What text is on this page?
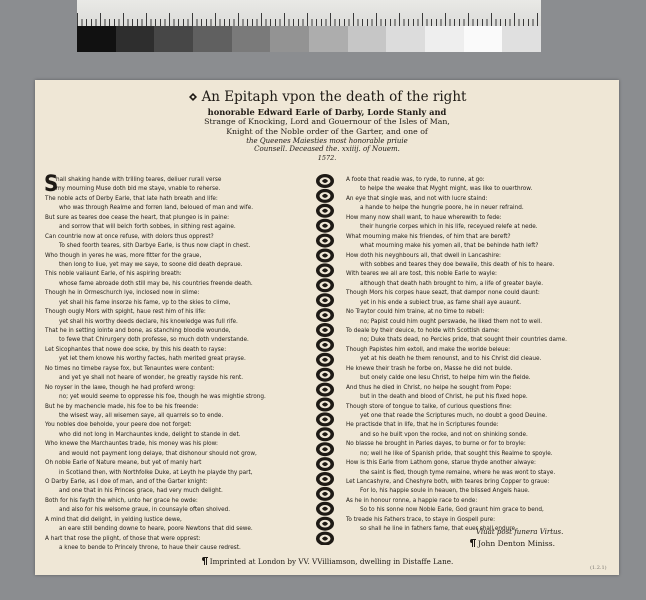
An Epitaph vpon the death of the right
honorable Edward Earle of Darby, Lorde Stanly and
Strange of Knocking, Lord and Gouernour of the Isles of Man,
Knight of the Noble order of the Garter, and one of
the Queenes Maiesties most honorable priuie
Counsell. Deceased the. xxiiij. of Nouem.
1572.
S
hall shaking hande with trilling teares, deliuer rurall verse
my mourning Muse doth bid me staye, vnable to reherse.
The noble acts of Derby Earle, that late hath breath and life:
who was through Realme and forren land, beloued of man and wife.
But sure as teares doe cease the heart, that plungeo is in paine:
and sorrow that will belch forth sobbes, in sithing rest againe.
Can countrie now at once refuse, with dolors thus opprest?
To shed foorth teares, sith Darbye Earle, is thus now clapt in chest.
Who though in yeres he was, more fitter for the graue,
then long to liue, yet may we saye, to soone did death depraue.
This noble valiaunt Earle, of his aspiring breath:
whose fame abroade doth still may be, his countries freende death.
Though he in Ormeschurch lye, inclosed now in slime:
yet shall his fame insorze his fame, vp to the skies to clime,
Though ougly Mors with spight, haue rest him of his life:
yet shall his worthy deeds declare, his knowledge was full rife.
That he in setting iointe and bone, as stanching bloodie wounde,
to fewe that Chirurgery doth professe, so much doth vnderstande.
Let Sicophantes that nowe doe scke, by this his death to rayse:
yet let them knowe his worthy factes, hath merited great prayse.
No times no timebe rayse fox, but Tenauntes were content:
and yet ye shall not heare of wonder, he greatly raysde his rent.
No royser in the lawe, though he had proferd wrong:
no; yet would seeme to oppresse his foe, though he was mightie strong.
But he by machencle made, his foe to be his freende:
the wisest way, all wisemen saye, all quarrels so to ende.
You nobles doe beholde, your peere doe not forget:
who did not long in Marchauntes knde, delight to stande in det.
Who knewe the Marchauntes trade, his money was his plow:
and would not payment long delaye, that dishonour should not grow,
Oh noble Earle of Nature meane, but yet of manly hart
in Scotland then, with Northfolke Duke, at Leyth he playde thy part,
O Darby Earle, as I doe of man, and of the Garter knight:
and one that in his Princes grace, had very much delight.
Both for his fayth the which, unto her grace he owde:
and also for his welsome graue, in counsayle often sholved.
A mind that did delight, in yelding Iustice dewe,
an eare still bending downe to heare, poore Newtons that did sewe.
A hart that rose the plight, of those that were opprest:
a knee to bende to Princely throne, to haue their cause redrest.
A foote that readie was, to ryde, to runne, at go:
to helpe the weake that Myght might, was like to ouerthrow.
An eye that single was, and not with lucre staind:
a hande to helpe the hungrie poore, he in neuer refraind.
How many now shall want, to haue wherewith to fede:
their hungrie corpes which in his life, receyued relefe at nede.
What mourning make his friendes, of him that are bereft?
what mourning make his yomen all, that be behinde hath left?
How doth his neyghbours all, that dwell in Lancashire:
with sobbes and teares they doe bewaile, this death of his to heare.
With teares we all are tost, this noble Earle to wayle:
although that death hath brought to him, a life of greater bayle.
Though Mors his corpes haue seazt, that dampor none could daunt:
yet in his ende a subiect true, as fame shall aye auaunt.
No Traytor could him traine, at no time to rebell:
no; Papist could him ought perswade, he liked them not to well.
To deale by their deuice, to holde with Scottish dame:
no; Duke thats dead, no Percies pride, that sought their countries dame.
Though Papistes him extoll, and make the worlde beleue:
yet at his death he them renounst, and to his Christ did cleaue.
He knewe their trash he forbe on, Masse he did not bulde.
but onely calde one Iesu Christ, to helpe him win the fielde.
And thus he died in Christ, no helpe he sought from Pope:
but in the death and blood of Christ, he put his fixed hope.
Though store of tongue to talke, of curious questions fine:
yet one that reade the Scriptures much, no doubt a good Deuine.
He practisde that in life, that he in Scriptures founde:
and so he built vpon the rocke, and not on shinking sonde.
No blasse he brought in Paries dayes, to burne or for to broyle:
no; well he like of Spanish pride, that sought this Realme to spoyle.
How is this Earle from Lathom gone, starue thyde another alwaye:
the saint is fled, though tyme remaine, where he was wont to staye.
Let Lancashyre, and Cheshyre both, with teares bring Copper to graue:
For lo, his happie soule in heauen, the blissed Angels haue.
As he in honour ronne, a happie race to ende:
So to his sonne now Noble Earle, God graunt him grace to bend,
To treade his Fathers trace, to staye in Gospell pure:
so shall he line in fathers fame, that euer shall endure.
Viuat post funera Virtus.
John Denton Miniss.
Imprinted at London by VV. VVilliamson, dwelling in Distaffe Lane.
(1.2.1)
